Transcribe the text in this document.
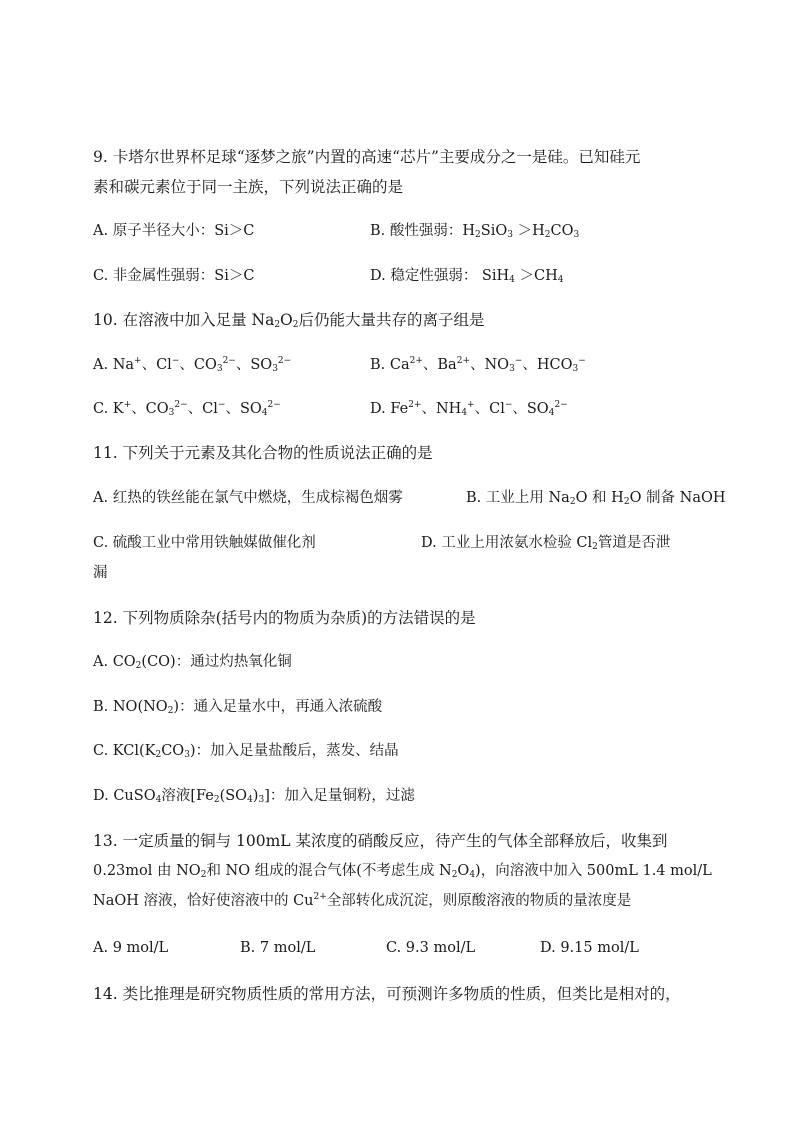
9. 卡塔尔世界杯足球“逐梦之旅”内置的高速“芯片”主要成分之一是硅。已知硅元
素和碳元素位于同一主族，下列说法正确的是
A. 原子半径大小：Si＞C	B. 酸性强弱：$H_2SiO_3 >H_2CO_3$
C. 非金属性强弱：Si＞C	D. 稳定性强弱： $SiH_4 >CH_4$
10. 在溶液中加入足量 $Na_2O_2$后仍能大量共存的离子组是
A. Na+、Cl−、$CO_3^{2-}$、$SO_3^{2-}$	B. $Ca^{2+}$、$Ba^{2+}$、$NO_3^-$、$HCO_3^-$
C. K+、$CO_3^{2-}$、Cl−、$SO_4^{2-}$	D. $Fe^{2+}$、$NH_4^+$、Cl−、$SO_4^{2-}$
11. 下列关于元素及其化合物的性质说法正确的是
A. 红热的铁丝能在氯气中燃烧，生成棕褐色烟雾	B. 工业上用 $Na_2O$ 和 $H_2O$ 制备 NaOH
C. 硫酸工业中常用铁触媒做催化剂	D. 工业上用浓氨水检验 $Cl_2$管道是否泄
漏
12. 下列物质除杂(括号内的物质为杂质)的方法错误的是
A. $CO_2(CO)$：通过灼热氧化铜
B. $NO(NO_2)$：通入足量水中，再通入浓硫酸
C. $KCl(K_2CO_3)$：加入足量盐酸后，蒸发、结晶
D. CuSO$_4$溶液$[Fe_2(SO_4)_3]$：加入足量铜粉，过滤
13. 一定质量的铜与 100mL 某浓度的硝酸反应，待产生的气体全部释放后，收集到
0.23mol 由 $NO_2$和 NO 组成的混合气体(不考虑生成 $N_2O_4$)，向溶液中加入 500mL 1.4 mol/L
NaOH 溶液，恰好使溶液中的 $Cu^{2+}$全部转化成沉淀，则原酸溶液的物质的量浓度是
A. 9 mol/L	B. 7 mol/L	C. 9.3 mol/L	D. 9.15 mol/L
14. 类比推理是研究物质性质的常用方法，可预测许多物质的性质，但类比是相对的，
